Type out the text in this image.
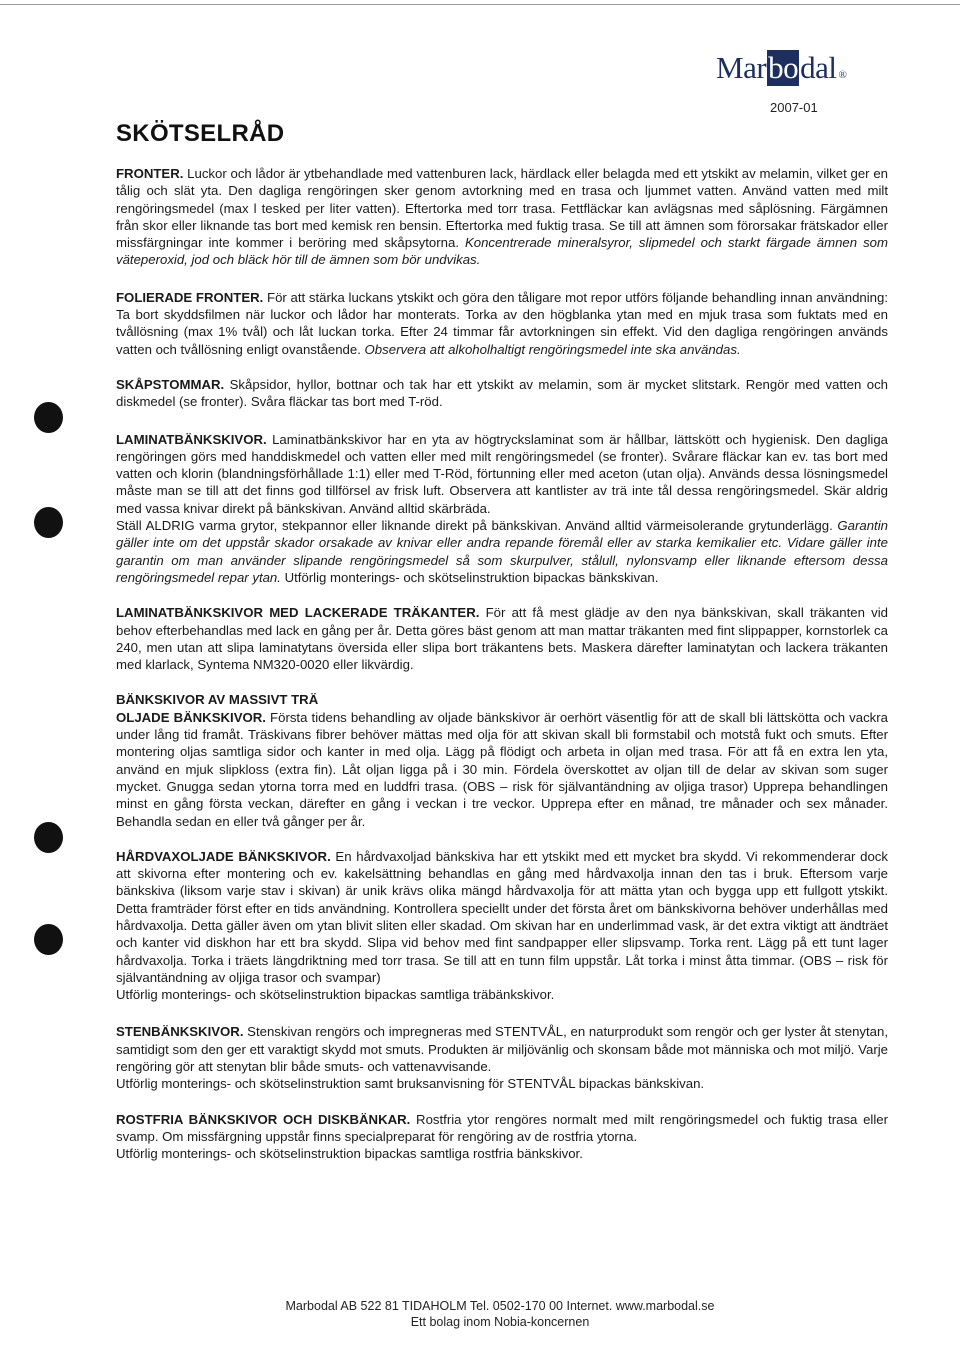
Mar bo dal ®
2007-01
SKÖTSELRÅD

FRONTER. Luckor och lådor är ytbehandlade med vattenburen lack, härdlack eller belagda med ett ytskikt av melamin, vilket ger en tålig och slät yta. Den dagliga rengöringen sker genom avtorkning med en trasa och ljummet vatten. Använd vatten med milt rengöringsmedel (max l tesked per liter vatten). Eftertorka med torr trasa. Fettfläckar kan avlägsnas med såplösning. Färgämnen från skor eller liknande tas bort med kemisk ren bensin. Eftertorka med fuktig trasa. Se till att ämnen som förorsakar frätskador eller missfärgningar inte kommer i beröring med skåpsytorna. Koncentrerade mineralsyror, slipmedel och starkt färgade ämnen som väteperoxid, jod och bläck hör till de ämnen som bör undvikas.

FOLIERADE FRONTER. För att stärka luckans ytskikt och göra den tåligare mot repor utförs följande behandling innan användning: Ta bort skyddsfilmen när luckor och lådor har monterats. Torka av den högblanka ytan med en mjuk trasa som fuktats med en tvållösning (max 1% tvål) och låt luckan torka. Efter 24 timmar får avtorkningen sin effekt. Vid den dagliga rengöringen används vatten och tvållösning enligt ovanstående. Observera att alkoholhaltigt rengöringsmedel inte ska användas.

SKÅPSTOMMAR. Skåpsidor, hyllor, bottnar och tak har ett ytskikt av melamin, som är mycket slitstark. Rengör med vatten och diskmedel (se fronter). Svåra fläckar tas bort med T-röd.

LAMINATBÄNKSKIVOR. Laminatbänkskivor har en yta av högtryckslaminat som är hållbar, lättskött och hygienisk. Den dagliga rengöringen görs med handdiskmedel och vatten eller med milt rengöringsmedel (se fronter). Svårare fläckar kan ev. tas bort med vatten och klorin (blandningsförhållade 1:1) eller med T-Röd, förtunning eller med aceton (utan olja). Används dessa lösningsmedel måste man se till att det finns god tillförsel av frisk luft. Observera att kantlister av trä inte tål dessa rengöringsmedel. Skär aldrig med vassa knivar direkt på bänkskivan. Använd alltid skärbräda.

Ställ ALDRIG varma grytor, stekpannor eller liknande direkt på bänkskivan. Använd alltid värmeisolerande grytunderlägg. Garantin gäller inte om det uppstår skador orsakade av knivar eller andra repande föremål eller av starka kemikalier etc. Vidare gäller inte garantin om man använder slipande rengöringsmedel så som skurpulver, stålull, nylonsvamp eller liknande eftersom dessa rengöringsmedel repar ytan. Utförlig monterings- och skötselinstruktion bipackas bänkskivan.

LAMINATBÄNKSKIVOR MED LACKERADE TRÄKANTER. För att få mest glädje av den nya bänkskivan, skall träkanten vid behov efterbehandlas med lack en gång per år. Detta göres bäst genom att man mattar träkanten med fint slippapper, kornstorlek ca 240, men utan att slipa laminatytans översida eller slipa bort träkantens bets. Maskera därefter laminatytan och lackera träkanten med klarlack, Syntema NM320-0020 eller likvärdig.

BÄNKSKIVOR AV MASSIVT TRÄ

OLJADE BÄNKSKIVOR. Första tidens behandling av oljade bänkskivor är oerhört väsentlig för att de skall bli lättskötta och vackra under lång tid framåt. Träskivans fibrer behöver mättas med olja för att skivan skall bli formstabil och motstå fukt och smuts. Efter montering oljas samtliga sidor och kanter in med olja. Lägg på flödigt och arbeta in oljan med trasa. För att få en extra len yta, använd en mjuk slipkloss (extra fin). Låt oljan ligga på i 30 min. Fördela överskottet av oljan till de delar av skivan som suger mycket. Gnugga sedan ytorna torra med en luddfri trasa. (OBS – risk för självantändning av oljiga trasor) Upprepa behandlingen minst en gång första veckan, därefter en gång i veckan i tre veckor. Upprepa efter en månad, tre månader och sex månader. Behandla sedan en eller två gånger per år.

HÅRDVAXOLJADE BÄNKSKIVOR. En hårdvaxoljad bänkskiva har ett ytskikt med ett mycket bra skydd. Vi rekommenderar dock att skivorna efter montering och ev. kakelsättning behandlas en gång med hårdvaxolja innan den tas i bruk. Eftersom varje bänkskiva (liksom varje stav i skivan) är unik krävs olika mängd hårdvaxolja för att mätta ytan och bygga upp ett fullgott ytskikt. Detta framträder först efter en tids användning. Kontrollera speciellt under det första året om bänkskivorna behöver underhållas med hårdvaxolja. Detta gäller även om ytan blivit sliten eller skadad. Om skivan har en underlimmad vask, är det extra viktigt att ändträet och kanter vid diskhon har ett bra skydd. Slipa vid behov med fint sandpapper eller slipsvamp. Torka rent. Lägg på ett tunt lager hårdvaxolja. Torka i träets längdriktning med torr trasa. Se till att en tunn film uppstår. Låt torka i minst åtta timmar. (OBS – risk för självantändning av oljiga trasor och svampar)

Utförlig monterings- och skötselinstruktion bipackas samtliga träbänkskivor.

STENBÄNKSKIVOR. Stenskivan rengörs och impregneras med STENTVÅL, en naturprodukt som rengör och ger lyster åt stenytan, samtidigt som den ger ett varaktigt skydd mot smuts. Produkten är miljövänlig och skonsam både mot människa och mot miljö. Varje rengöring gör att stenytan blir både smuts- och vattenavvisande.

Utförlig monterings- och skötselinstruktion samt bruksanvisning för STENTVÅL bipackas bänkskivan.

ROSTFRIA BÄNKSKIVOR OCH DISKBÄNKAR. Rostfria ytor rengöres normalt med milt rengöringsmedel och fuktig trasa eller svamp. Om missfärgning uppstår finns specialpreparat för rengöring av de rostfria ytorna.

Utförlig monterings- och skötselinstruktion bipackas samtliga rostfria bänkskivor.

Marbodal AB 522 81 TIDAHOLM Tel. 0502-170 00 Internet. www.marbodal.se
Ett bolag inom Nobia-koncernen
